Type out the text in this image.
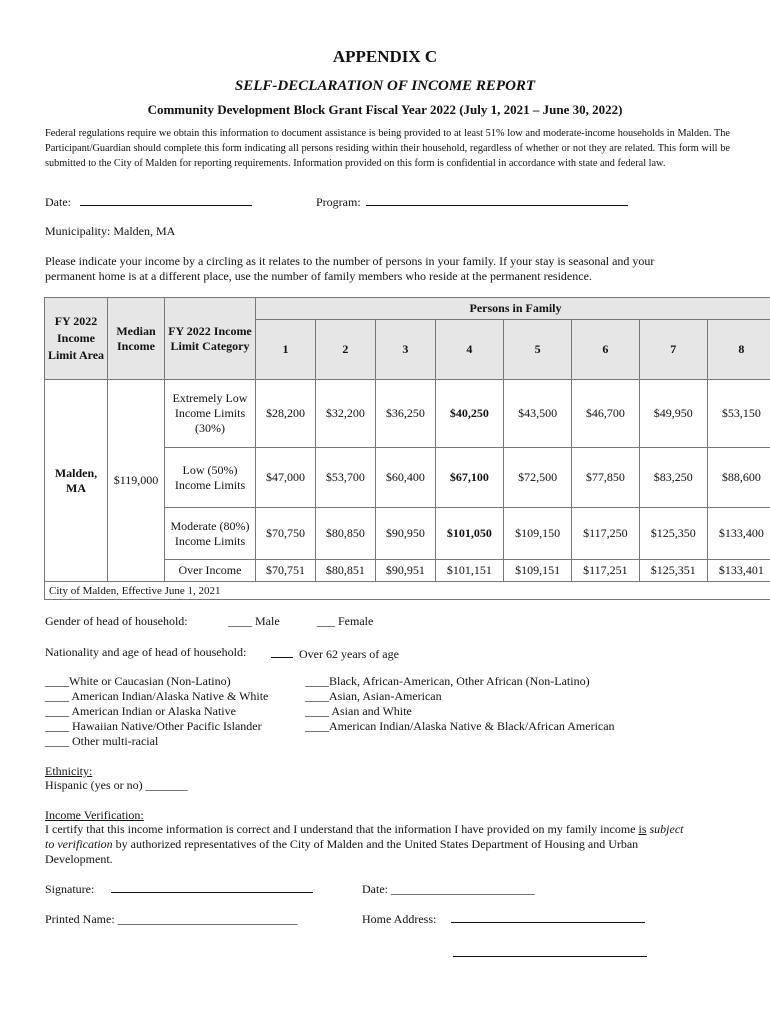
APPENDIX C
SELF-DECLARATION OF INCOME REPORT
Community Development Block Grant Fiscal Year 2022 (July 1, 2021 – June 30, 2022)
Federal regulations require we obtain this information to document assistance is being provided to at least 51% low and moderate-income households in Malden. The Participant/Guardian should complete this form indicating all persons residing within their household, regardless of whether or not they are related. This form will be submitted to the City of Malden for reporting requirements. Information provided on this form is confidential in accordance with state and federal law.
Date:	Program:
Municipality: Malden, MA
Please indicate your income by a circling as it relates to the number of persons in your family. If your stay is seasonal and your permanent home is at a different place, use the number of family members who reside at the permanent residence.
FY 2022 Income Limit Area	Median Income	FY 2022 Income Limit Category	Persons in Family							
			1	2	3	4	5	6	7	8
Malden, MA	$119,000	Extremely Low Income Limits (30%)	$28,200	$32,200	$36,250	$40,250	$43,500	$46,700	$49,950	$53,150
		Low (50%) Income Limits	$47,000	$53,700	$60,400	$67,100	$72,500	$77,850	$83,250	$88,600
		Moderate (80%) Income Limits	$70,750	$80,850	$90,950	$101,050	$109,150	$117,250	$125,350	$133,400
		Over Income	$70,751	$80,851	$90,951	$101,151	$109,151	$117,251	$125,351	$133,401
City of Malden, Effective June 1, 2021										
Gender of head of household:	____ Male	___ Female
Nationality and age of head of household:	Over 62 years of age
____White or Caucasian (Non-Latino)
____ American Indian/Alaska Native & White
____ American Indian or Alaska Native
____ Hawaiian Native/Other Pacific Islander
____ Other multi-racial
____Black, African-American, Other African (Non-Latino)
____Asian, Asian-American
____ Asian and White
____American Indian/Alaska Native & Black/African American
Ethnicity:
Hispanic (yes or no) _______
Income Verification:
I certify that this income information is correct and I understand that the information I have provided on my family income is subject to verification by authorized representatives of the City of Malden and the United States Department of Housing and Urban Development.
Signature:	Date: ________________________
Printed Name: ______________________________	Home Address:
